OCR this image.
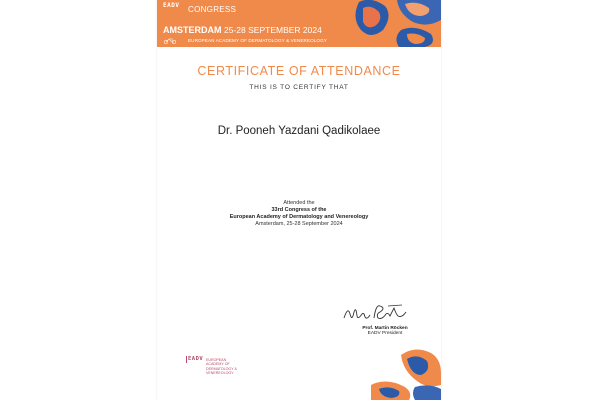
EADV	CONGRESS
AMSTERDAM 25-28 SEPTEMBER 2024
EUROPEAN ACADEMY OF DERMATOLOGY & VENEREOLOGY
CERTIFICATE OF ATTENDANCE
THIS IS TO CERTIFY THAT
Dr. Pooneh Yazdani Qadikolaee
Attended the
33rd Congress of the
European Academy of Dermatology and Venereology
Amsterdam, 25-28 September 2024
Prof. Martin Röcken
EADV President
EADV EUROPEAN
ACADEMY OF
DERMATOLOGY &
VENEREOLOGY
